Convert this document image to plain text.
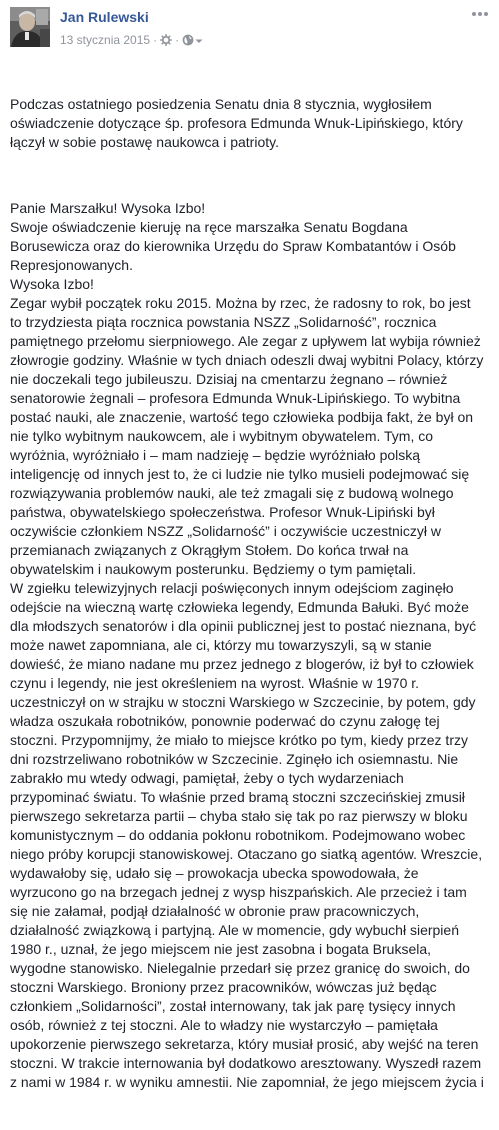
Jan Rulewski
13 stycznia 2015 · ·

Podczas ostatniego posiedzenia Senatu dnia 8 stycznia, wygłosiłem
oświadczenie dotyczące śp. profesora Edmunda Wnuk-Lipińskiego, który
łączył w sobie postawę naukowca i patrioty.

Panie Marszałku! Wysoka Izbo!
Swoje oświadczenie kieruję na ręce marszałka Senatu Bogdana
Borusewicza oraz do kierownika Urzędu do Spraw Kombatantów i Osób
Represjonowanych.
Wysoka Izbo!
Zegar wybił początek roku 2015. Można by rzec, że radosny to rok, bo jest
to trzydziesta piąta rocznica powstania NSZZ „Solidarność”, rocznica
pamiętnego przełomu sierpniowego. Ale zegar z upływem lat wybija również
złowrogie godziny. Właśnie w tych dniach odeszli dwaj wybitni Polacy, którzy
nie doczekali tego jubileuszu. Dzisiaj na cmentarzu żegnano – również
senatorowie żegnali – profesora Edmunda Wnuk-Lipińskiego. To wybitna
postać nauki, ale znaczenie, wartość tego człowieka podbija fakt, że był on
nie tylko wybitnym naukowcem, ale i wybitnym obywatelem. Tym, co
wyróżnia, wyróżniało i – mam nadzieję – będzie wyróżniało polską
inteligencję od innych jest to, że ci ludzie nie tylko musieli podejmować się
rozwiązywania problemów nauki, ale też zmagali się z budową wolnego
państwa, obywatelskiego społeczeństwa. Profesor Wnuk-Lipiński był
oczywiście członkiem NSZZ „Solidarność” i oczywiście uczestniczył w
przemianach związanych z Okrągłym Stołem. Do końca trwał na
obywatelskim i naukowym posterunku. Będziemy o tym pamiętali.
W zgiełku telewizyjnych relacji poświęconych innym odejściom zaginęło
odejście na wieczną wartę człowieka legendy, Edmunda Bałuki. Być może
dla młodszych senatorów i dla opinii publicznej jest to postać nieznana, być
może nawet zapomniana, ale ci, którzy mu towarzyszyli, są w stanie
dowieść, że miano nadane mu przez jednego z blogerów, iż był to człowiek
czynu i legendy, nie jest określeniem na wyrost. Właśnie w 1970 r.
uczestniczył on w strajku w stoczni Warskiego w Szczecinie, by potem, gdy
władza oszukała robotników, ponownie poderwać do czynu załogę tej
stoczni. Przypomnijmy, że miało to miejsce krótko po tym, kiedy przez trzy
dni rozstrzeliwano robotników w Szczecinie. Zginęło ich osiemnastu. Nie
zabrakło mu wtedy odwagi, pamiętał, żeby o tych wydarzeniach
przypominać światu. To właśnie przed bramą stoczni szczecińskiej zmusił
pierwszego sekretarza partii – chyba stało się tak po raz pierwszy w bloku
komunistycznym – do oddania pokłonu robotnikom. Podejmowano wobec
niego próby korupcji stanowiskowej. Otaczano go siatką agentów. Wreszcie,
wydawałoby się, udało się – prowokacja ubecka spowodowała, że
wyrzucono go na brzegach jednej z wysp hiszpańskich. Ale przecież i tam
się nie załamał, podjął działalność w obronie praw pracowniczych,
działalność związkową i partyjną. Ale w momencie, gdy wybuchł sierpień
1980 r., uznał, że jego miejscem nie jest zasobna i bogata Bruksela,
wygodne stanowisko. Nielegalnie przedarł się przez granicę do swoich, do
stoczni Warskiego. Broniony przez pracowników, wówczas już będąc
członkiem „Solidarności”, został internowany, tak jak parę tysięcy innych
osób, również z tej stoczni. Ale to władzy nie wystarczyło – pamiętała
upokorzenie pierwszego sekretarza, który musiał prosić, aby wejść na teren
stoczni. W trakcie internowania był dodatkowo aresztowany. Wyszedł razem
z nami w 1984 r. w wyniku amnestii. Nie zapomniał, że jego miejscem życia i
